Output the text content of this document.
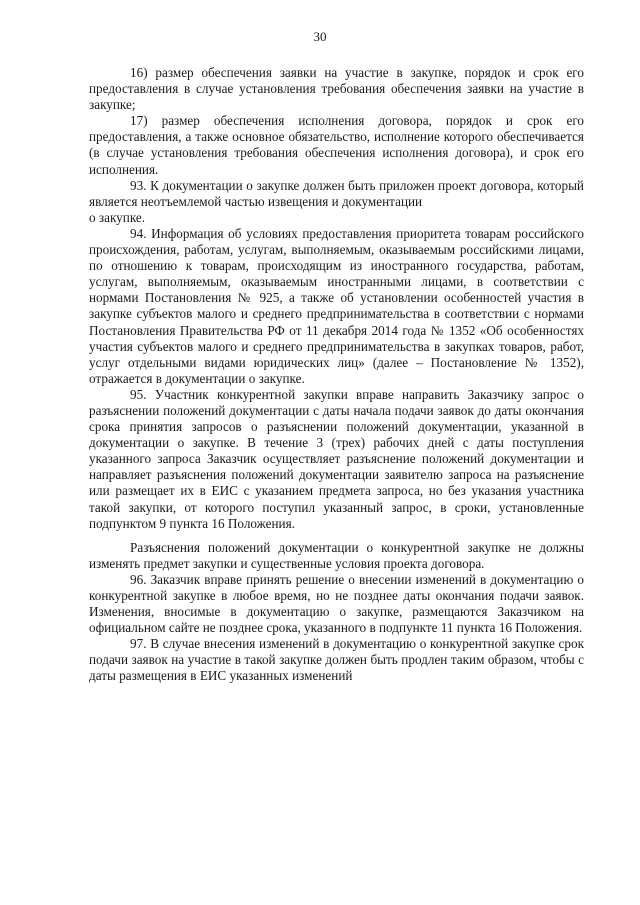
30

16) размер обеспечения заявки на участие в закупке, порядок и срок его предоставления в случае установления требования обеспечения заявки на участие в закупке;

17) размер обеспечения исполнения договора, порядок и срок его предоставления, а также основное обязательство, исполнение которого обеспечивается (в случае установления требования обеспечения исполнения договора), и срок его исполнения.

93. К документации о закупке должен быть приложен проект договора, который является неотъемлемой частью извещения и документации

о закупке.

94. Информация об условиях предоставления приоритета товарам российского происхождения, работам, услугам, выполняемым, оказываемым российскими лицами, по отношению к товарам, происходящим из иностранного государства, работам, услугам, выполняемым, оказываемым иностранными лицами, в соответствии с нормами Постановления № 925, а также об установлении особенностей участия в закупке субъектов малого и среднего предпринимательства в соответствии с нормами Постановления Правительства РФ от 11 декабря 2014 года № 1352 «Об особенностях участия субъектов малого и среднего предпринимательства в закупках товаров, работ, услуг отдельными видами юридических лиц» (далее – Постановление № 1352), отражается в документации о закупке.

95. Участник конкурентной закупки вправе направить Заказчику запрос о разъяснении положений документации с даты начала подачи заявок до даты окончания срока принятия запросов о разъяснении положений документации, указанной в документации о закупке. В течение 3 (трех) рабочих дней с даты поступления указанного запроса Заказчик осуществляет разъяснение положений документации и направляет разъяснения положений документации заявителю запроса на разъяснение или размещает их в ЕИС с указанием предмета запроса, но без указания участника такой закупки, от которого поступил указанный запрос, в сроки, установленные подпунктом 9 пункта 16 Положения.

Разъяснения положений документации о конкурентной закупке не должны изменять предмет закупки и существенные условия проекта договора.

96. Заказчик вправе принять решение о внесении изменений в документацию о конкурентной закупке в любое время, но не позднее даты окончания подачи заявок. Изменения, вносимые в документацию о закупке, размещаются Заказчиком на официальном сайте не позднее срока, указанного в подпункте 11 пункта 16 Положения.

97. В случае внесения изменений в документацию о конкурентной закупке срок подачи заявок на участие в такой закупке должен быть продлен таким образом, чтобы с даты размещения в ЕИС указанных изменений
